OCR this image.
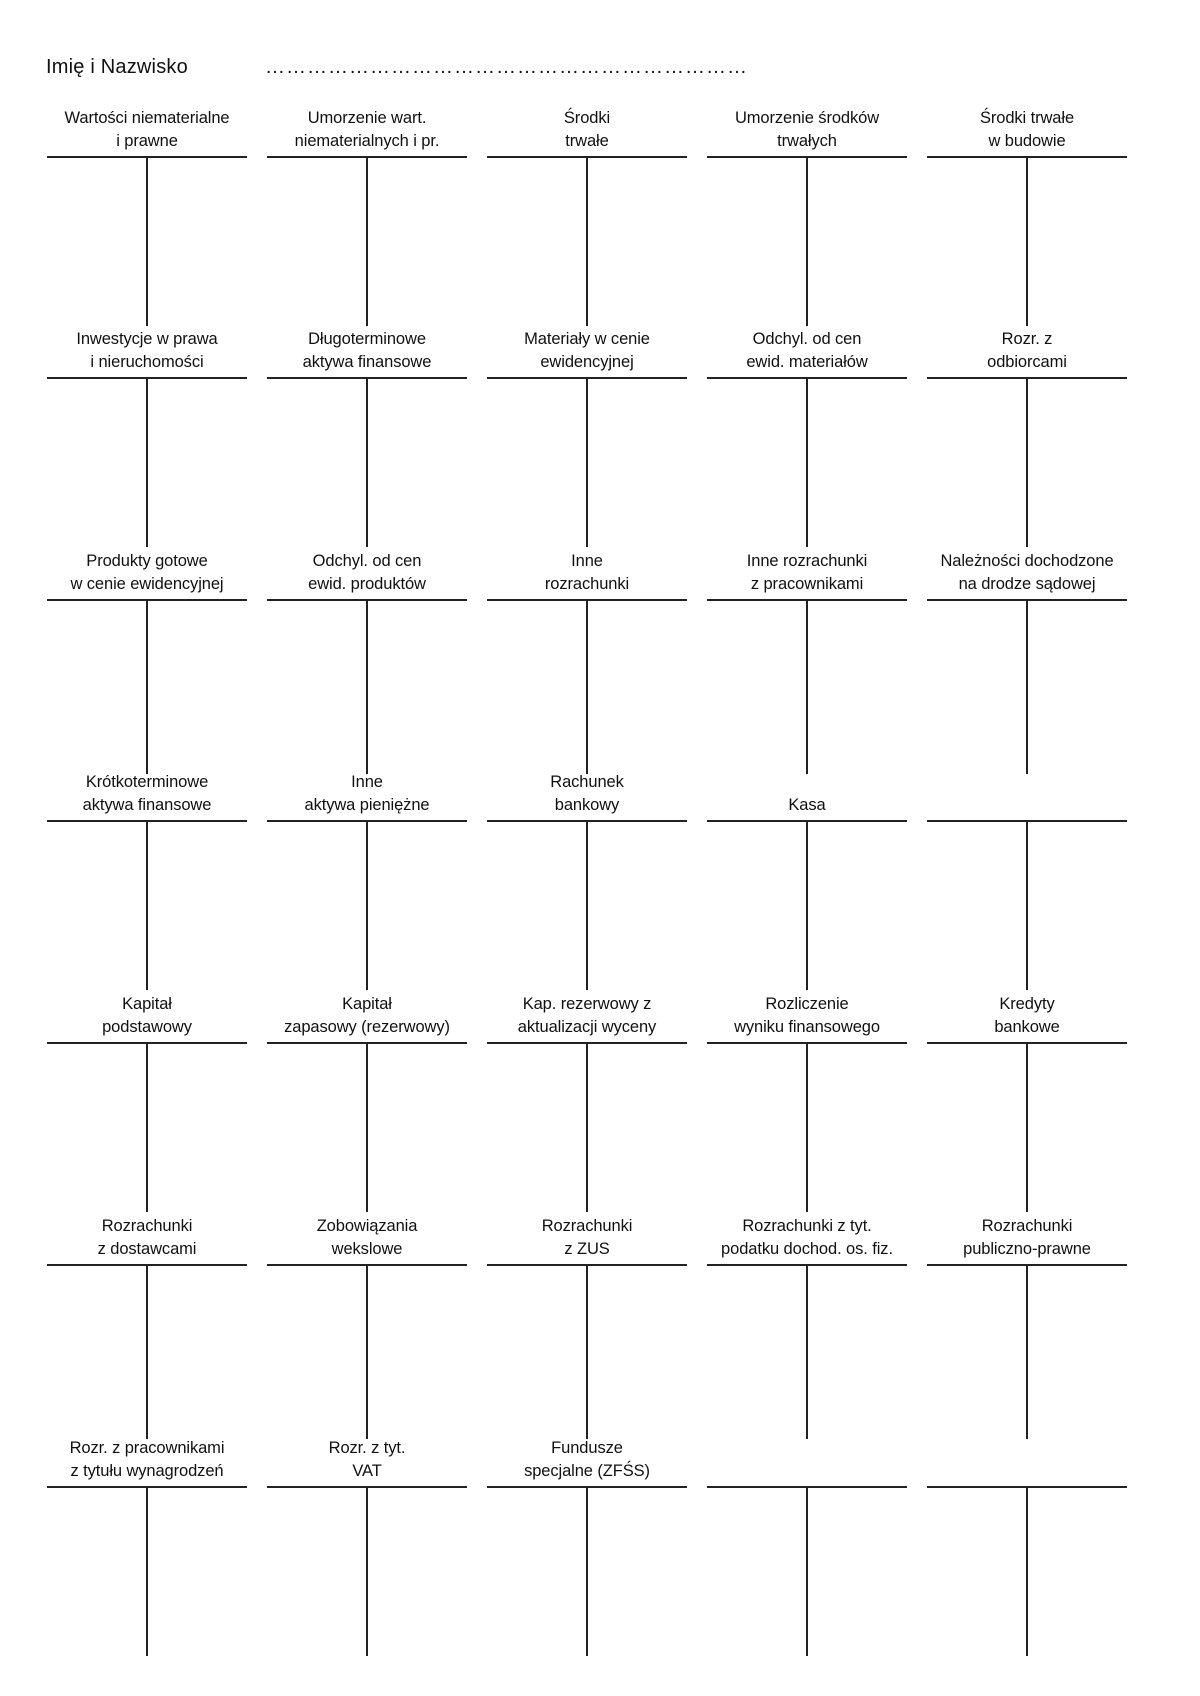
Imię i Nazwisko	……………………………………………………………
Wartości niematerialne
i prawne
Umorzenie wart.
niematerialnych i pr.
Środki
trwałe
Umorzenie środków
trwałych
Środki trwałe
w budowie
Inwestycje w prawa
i nieruchomości
Długoterminowe
aktywa finansowe
Materiały w cenie
ewidencyjnej
Odchyl. od cen
ewid. materiałów
Rozr. z
odbiorcami
Produkty gotowe
w cenie ewidencyjnej
Odchyl. od cen
ewid. produktów
Inne
rozrachunki
Inne rozrachunki
z pracownikami
Należności dochodzone
na drodze sądowej
Krótkoterminowe
aktywa finansowe
Inne
aktywa pieniężne
Rachunek
bankowy	Kasa
Kapitał
podstawowy
Kapitał
zapasowy (rezerwowy)
Kap. rezerwowy z
aktualizacji wyceny
Rozliczenie
wyniku finansowego
Kredyty
bankowe
Rozrachunki
z dostawcami
Zobowiązania
wekslowe
Rozrachunki
z ZUS
Rozrachunki z tyt.
podatku dochod. os. fiz.
Rozrachunki
publiczno-prawne
Rozr. z pracownikami
z tytułu wynagrodzeń
Rozr. z tyt.
VAT
Fundusze
specjalne (ZFŚS)
